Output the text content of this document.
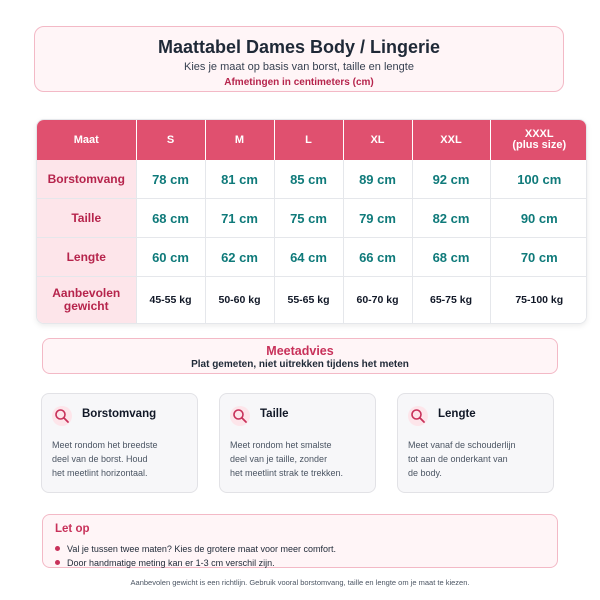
Maattabel Dames Body / Lingerie
Kies je maat op basis van borst, taille en lengte
Afmetingen in centimeters (cm)
Maat	S	M	L	XL	XXL	XXXL
(plus size)

Borstomvang	78 cm	81 cm	85 cm	89 cm	92 cm	100 cm
Taille	68 cm	71 cm	75 cm	79 cm	82 cm	90 cm
Lengte	60 cm	62 cm	64 cm	66 cm	68 cm	70 cm

Aanbevolen
gewicht	45-55 kg	50-60 kg	55-65 kg	60-70 kg	65-75 kg	75-100 kg
Meetadvies
Plat gemeten, niet uitrekken tijdens het meten
Borstomvang
Meet rondom het breedste
deel van de borst. Houd
het meetlint horizontaal.
Taille
Meet rondom het smalste
deel van je taille, zonder
het meetlint strak te trekken.
Lengte
Meet vanaf de schouderlijn
tot aan de onderkant van
de body.
Let op
Val je tussen twee maten? Kies de grotere maat voor meer comfort.
Door handmatige meting kan er 1-3 cm verschil zijn.
Aanbevolen gewicht is een richtlijn. Gebruik vooral borstomvang, taille en lengte om je maat te kiezen.
